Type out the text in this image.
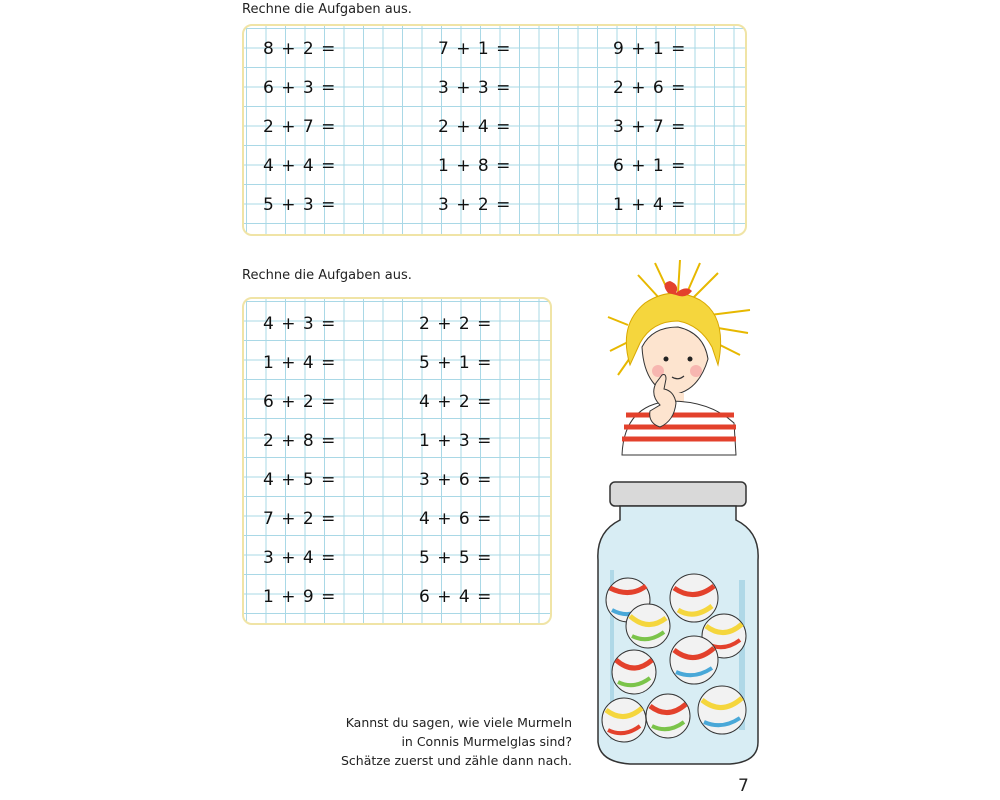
Rechne die Aufgaben aus.
8 + 2 =
6 + 3 =
2 + 7 =
4 + 4 =
5 + 3 =
7 + 1 =
3 + 3 =
2 + 4 =
1 + 8 =
3 + 2 =
9 + 1 =
2 + 6 =
3 + 7 =
6 + 1 =
1 + 4 =
Rechne die Aufgaben aus.
4 + 3 =
1 + 4 =
6 + 2 =
2 + 8 =
4 + 5 =
7 + 2 =
3 + 4 =
1 + 9 =
2 + 2 =
5 + 1 =
4 + 2 =
1 + 3 =
3 + 6 =
4 + 6 =
5 + 5 =
6 + 4 =
Kannst du sagen, wie viele Murmeln
in Connis Murmelglas sind?
Schätze zuerst und zähle dann nach.
7
